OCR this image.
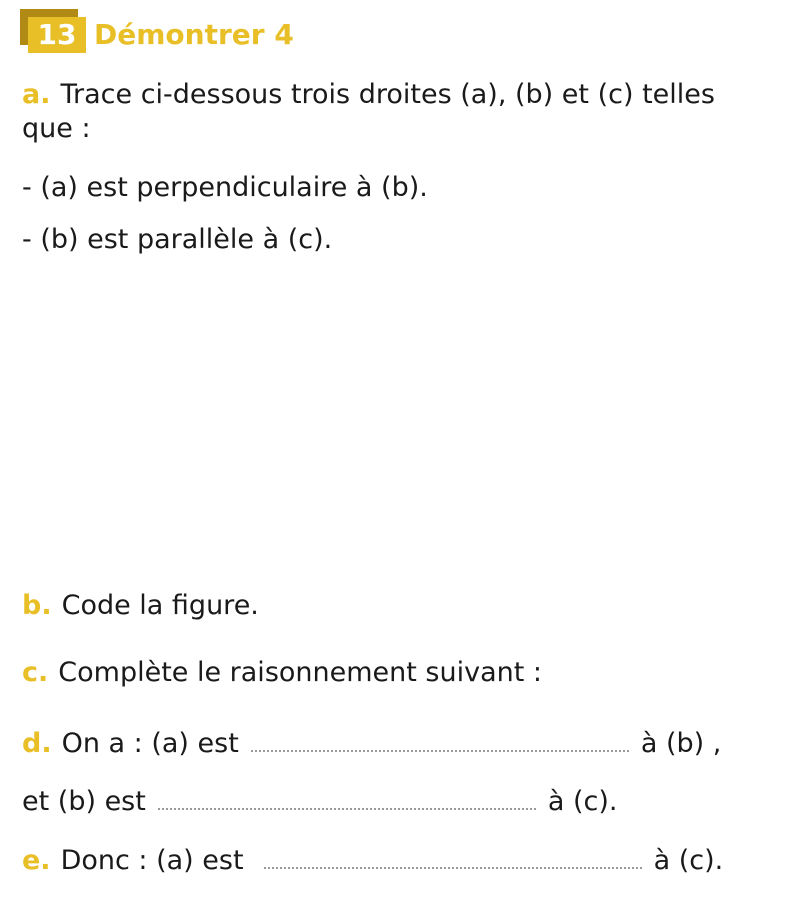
13 Démontrer 4

a. Trace ci-dessous trois droites (a), (b) et (c) telles

que :

- (a) est perpendiculaire à (b).

- (b) est parallèle à (c).

b. Code la figure.

c. Complète le raisonnement suivant :

d. On a : (a) est	à (b) ,

et (b) est	à (c).

e. Donc : (a) est	à (c).
